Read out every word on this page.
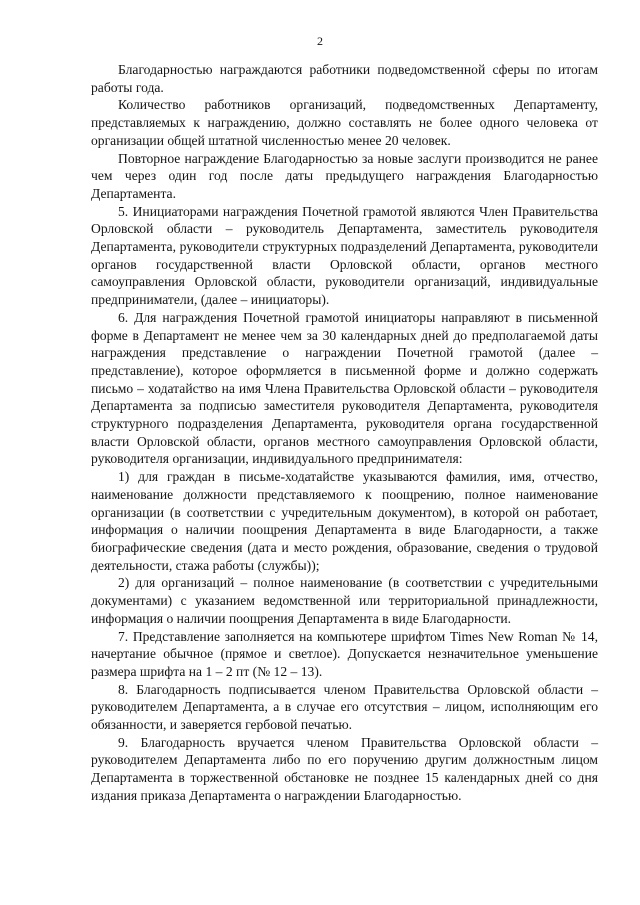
2

Благодарностью награждаются работники подведомственной сферы по итогам работы года.

Количество работников организаций, подведомственных Департаменту, представляемых к награждению, должно составлять не более одного человека от организации общей штатной численностью менее 20 человек.

Повторное награждение Благодарностью за новые заслуги производится не ранее чем через один год после даты предыдущего награждения Благодарностью Департамента.

5. Инициаторами награждения Почетной грамотой являются Член Правительства Орловской области – руководитель Департамента, заместитель руководителя Департамента, руководители структурных подразделений Департамента, руководители органов государственной власти Орловской области, органов местного самоуправления Орловской области, руководители организаций, индивидуальные предприниматели, (далее – инициаторы).

6. Для награждения Почетной грамотой инициаторы направляют в письменной форме в Департамент не менее чем за 30 календарных дней до предполагаемой даты награждения представление о награждении Почетной грамотой (далее – представление), которое оформляется в письменной форме и должно содержать письмо – ходатайство на имя Члена Правительства Орловской области – руководителя Департамента за подписью заместителя руководителя Департамента, руководителя структурного подразделения Департамента, руководителя органа государственной власти Орловской области, органов местного самоуправления Орловской области, руководителя организации, индивидуального предпринимателя:

1) для граждан в письме-ходатайстве указываются фамилия, имя, отчество, наименование должности представляемого к поощрению, полное наименование организации (в соответствии с учредительным документом), в которой он работает, информация о наличии поощрения Департамента в виде Благодарности, а также биографические сведения (дата и место рождения, образование, сведения о трудовой деятельности, стажа работы (службы));

2) для организаций – полное наименование (в соответствии с учредительными документами) с указанием ведомственной или территориальной принадлежности, информация о наличии поощрения Департамента в виде Благодарности.

7. Представление заполняется на компьютере шрифтом Times New Roman № 14, начертание обычное (прямое и светлое). Допускается незначительное уменьшение размера шрифта на 1 – 2 пт (№ 12 – 13).

8. Благодарность подписывается членом Правительства Орловской области – руководителем Департамента, а в случае его отсутствия – лицом, исполняющим его обязанности, и заверяется гербовой печатью.

9. Благодарность вручается членом Правительства Орловской области – руководителем Департамента либо по его поручению другим должностным лицом Департамента в торжественной обстановке не позднее 15 календарных дней со дня издания приказа Департамента о награждении Благодарностью.
